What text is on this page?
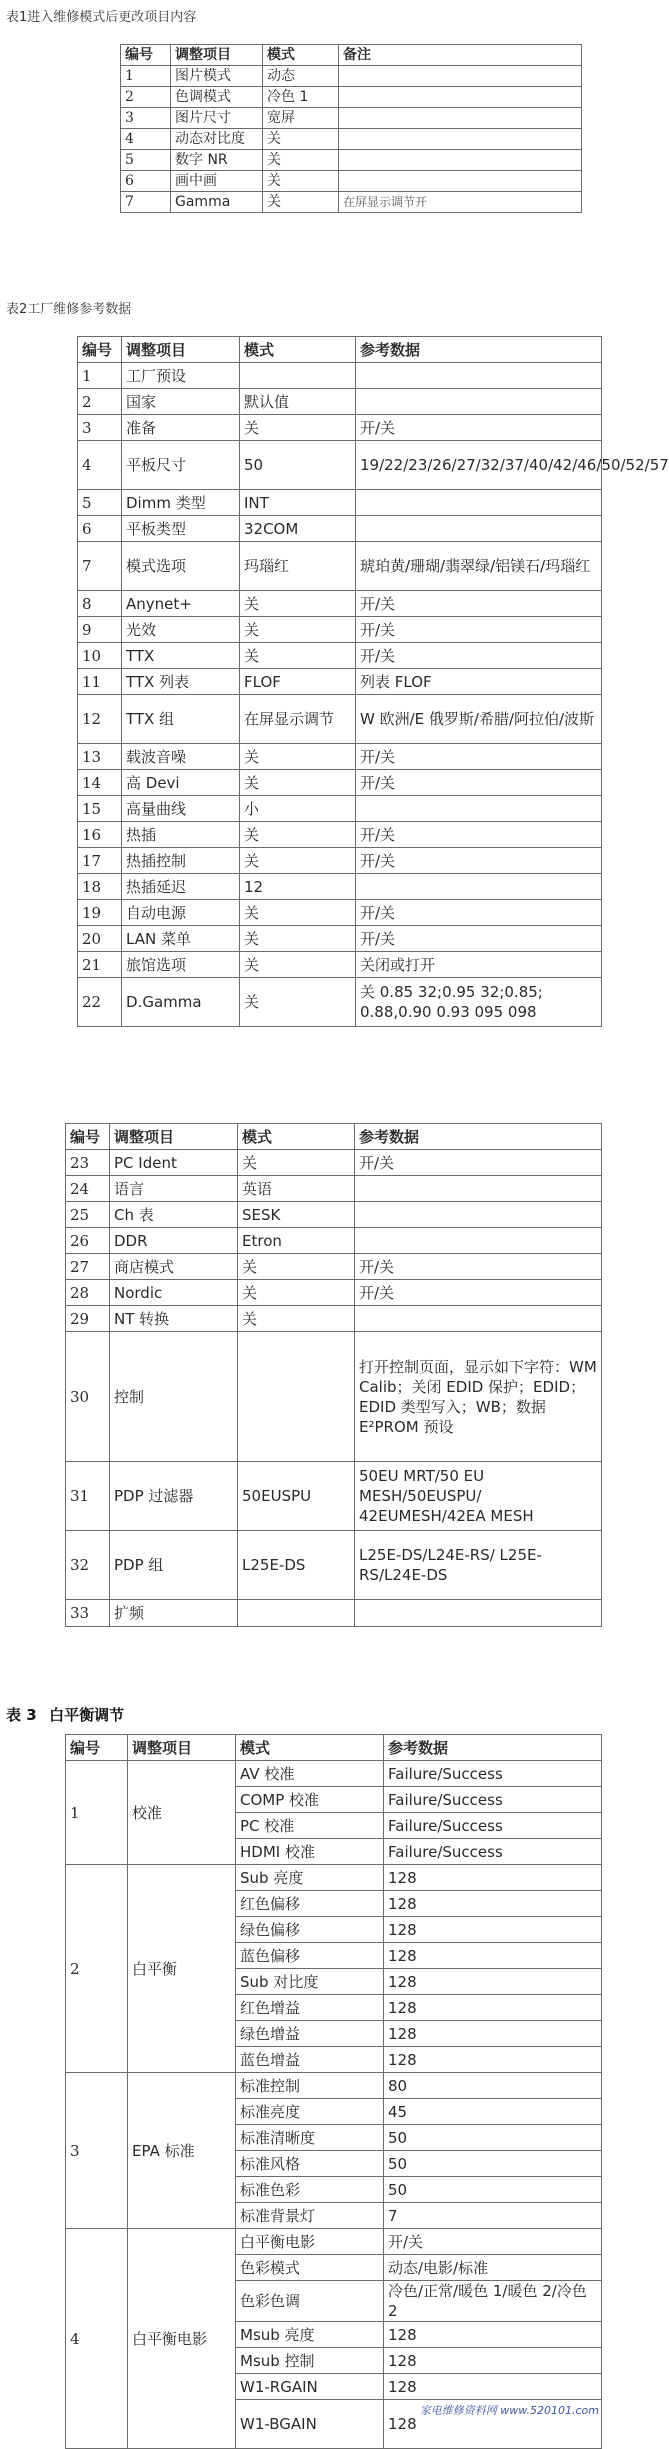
表1进入维修模式后更改项目内容
编号	调整项目	模式	备注
1	图片模式	动态	
2	色调模式	冷色 1	
3	图片尺寸	宽屏	
4	动态对比度	关	
5	数字 NR	关	
6	画中画	关	
7	Gamma	关	在屏显示调节开
表2工厂维修参考数据
编号	调整项目	模式	参考数据
1	工厂预设		
2	国家	默认值	
3	准备	关	开/关
4	平板尺寸	50	19/22/23/26/27/32/37/40/42/46/50/52/57
5	Dimm 类型	INT	
6	平板类型	32COM	
7	模式选项	玛瑙红	琥珀黄/珊瑚/翡翠绿/铝镁石/玛瑙红
8	Anynet+	关	开/关
9	光效	关	开/关
10	TTX	关	开/关
11	TTX 列表	FLOF	列表 FLOF
12	TTX 组	在屏显示调节	W 欧洲/E 俄罗斯/希腊/阿拉伯/波斯
13	载波音噪	关	开/关
14	高 Devi	关	开/关
15	高量曲线	小	
16	热插	关	开/关
17	热插控制	关	开/关
18	热插延迟	12	
19	自动电源	关	开/关
20	LAN 菜单	关	开/关
21	旅馆选项	关	关闭或打开
22	D.Gamma	关	关 0.85 32;0.95 32;0.85; 0.88,0.90 0.93 095 098
编号	调整项目	模式	参考数据
23	PC Ident	关	开/关
24	语言	英语	
25	Ch 表	SESK	
26	DDR	Etron	
27	商店模式	关	开/关
28	Nordic	关	开/关
29	NT 转换	关	
30	控制		打开控制页面，显示如下字符：WM Calib；关闭 EDID 保护；EDID；EDID 类型写入；WB；数据 E²PROM 预设
31	PDP 过滤器	50EUSPU	50EU MRT/50 EU MESH/50EUSPU/ 42EUMESH/42EA MESH
32	PDP 组	L25E-DS	L25E-DS/L24E-RS/ L25E-RS/L24E-DS
33	扩频		
表 3 白平衡调节
编号	调整项目	模式	参考数据
1	校准	AV 校准	Failure/Success
		COMP 校准	Failure/Success
		PC 校准	Failure/Success
		HDMI 校准	Failure/Success
2	白平衡	Sub 亮度	128
		红色偏移	128
		绿色偏移	128
		蓝色偏移	128
		Sub 对比度	128
		红色增益	128
		绿色增益	128
		蓝色增益	128
3	EPA 标准	标准控制	80
		标准亮度	45
		标准清晰度	50
		标准风格	50
		标准色彩	50
		标准背景灯	7
4	白平衡电影	白平衡电影	开/关
		色彩模式	动态/电影/标准
		色彩色调	冷色/正常/暖色 1/暖色 2/冷色 2
		Msub 亮度	128
		Msub 控制	128
		W1-RGAIN	128
		W1-BGAIN	128
家电维修资料网 www.520101.com
